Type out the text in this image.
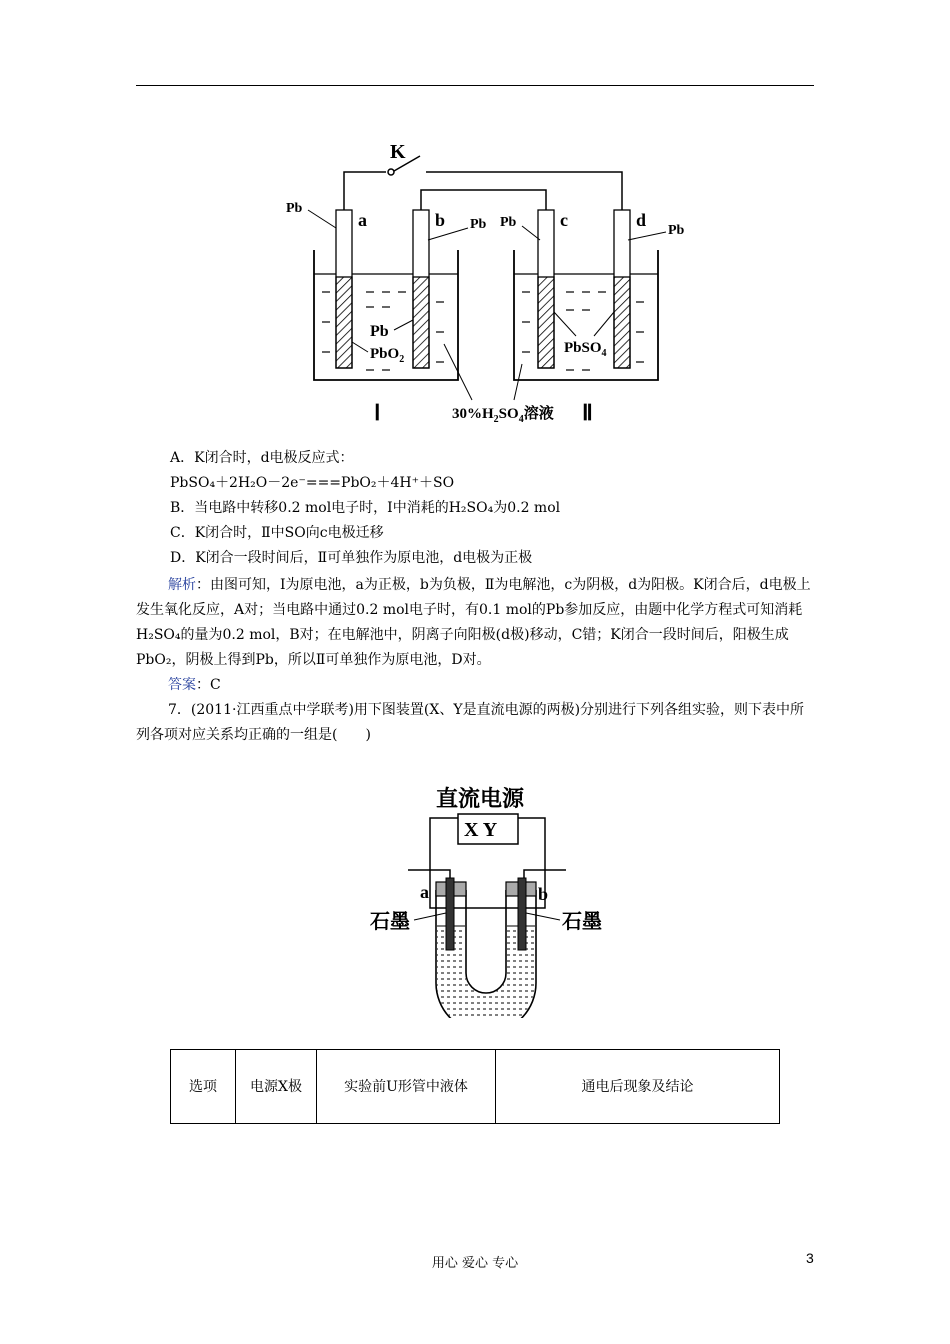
K
a	b	c	d
Pb
Pb Pb
Pb
Pb
PbO$_2$
PbSO$_4$
$30\%H_2SO_4$溶液
Ⅰ	Ⅱ
A．K闭合时，d电极反应式：
PbSO₄＋2H₂O－2e⁻===PbO₂＋4H⁺＋SO
B．当电路中转移0.2 mol电子时，Ⅰ中消耗的H₂SO₄为0.2 mol
C．K闭合时，Ⅱ中SO向c电极迁移
D．K闭合一段时间后，Ⅱ可单独作为原电池，d电极为正极
解析：由图可知，Ⅰ为原电池，a为正极，b为负极，Ⅱ为电解池，c为阴极，d为阳极。K闭合后，d电极上发生氧化反应，A对；当电路中通过0.2 mol电子时，有0.1 mol的Pb参加反应，由题中化学方程式可知消耗H₂SO₄的量为0.2 mol，B对；在电解池中，阴离子向阳极(d极)移动，C错；K闭合一段时间后，阳极生成PbO₂，阴极上得到Pb，所以Ⅱ可单独作为原电池，D对。
答案：C
7．(2011·江西重点中学联考)用下图装置(X、Y是直流电源的两极)分别进行下列各组实验，则下表中所列各项对应关系均正确的一组是(　　)
直流电源
X Y
a	b
石墨	石墨
选项	电源X极	实验前U形管中液体	通电后现象及结论
用心 爱心 专心	3
